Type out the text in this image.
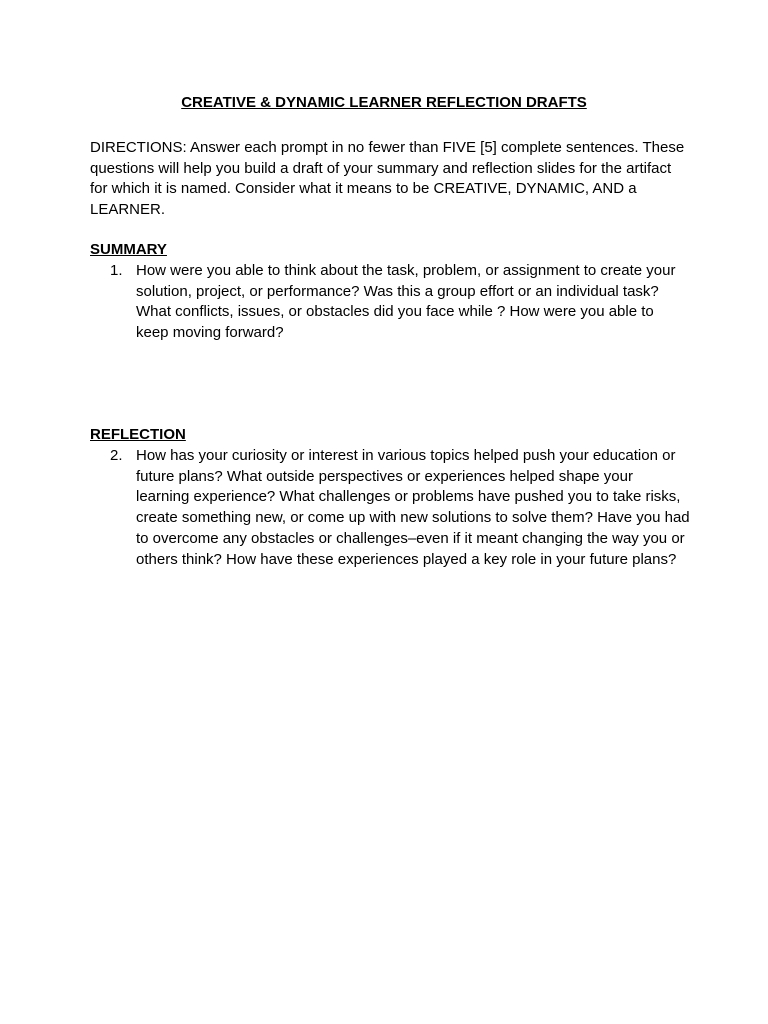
CREATIVE & DYNAMIC LEARNER REFLECTION DRAFTS

DIRECTIONS: Answer each prompt in no fewer than FIVE [5] complete sentences. These questions will help you build a draft of your summary and reflection slides for the artifact for which it is named. Consider what it means to be CREATIVE, DYNAMIC, AND a LEARNER.

SUMMARY
1. How were you able to think about the task, problem, or assignment to create your solution, project, or performance? Was this a group effort or an individual task? What conflicts, issues, or obstacles did you face while ? How were you able to keep moving forward?
REFLECTION
2. How has your curiosity or interest in various topics helped push your education or future plans? What outside perspectives or experiences helped shape your learning experience? What challenges or problems have pushed you to take risks, create something new, or come up with new solutions to solve them? Have you had to overcome any obstacles or challenges–even if it meant changing the way you or others think? How have these experiences played a key role in your future plans?
